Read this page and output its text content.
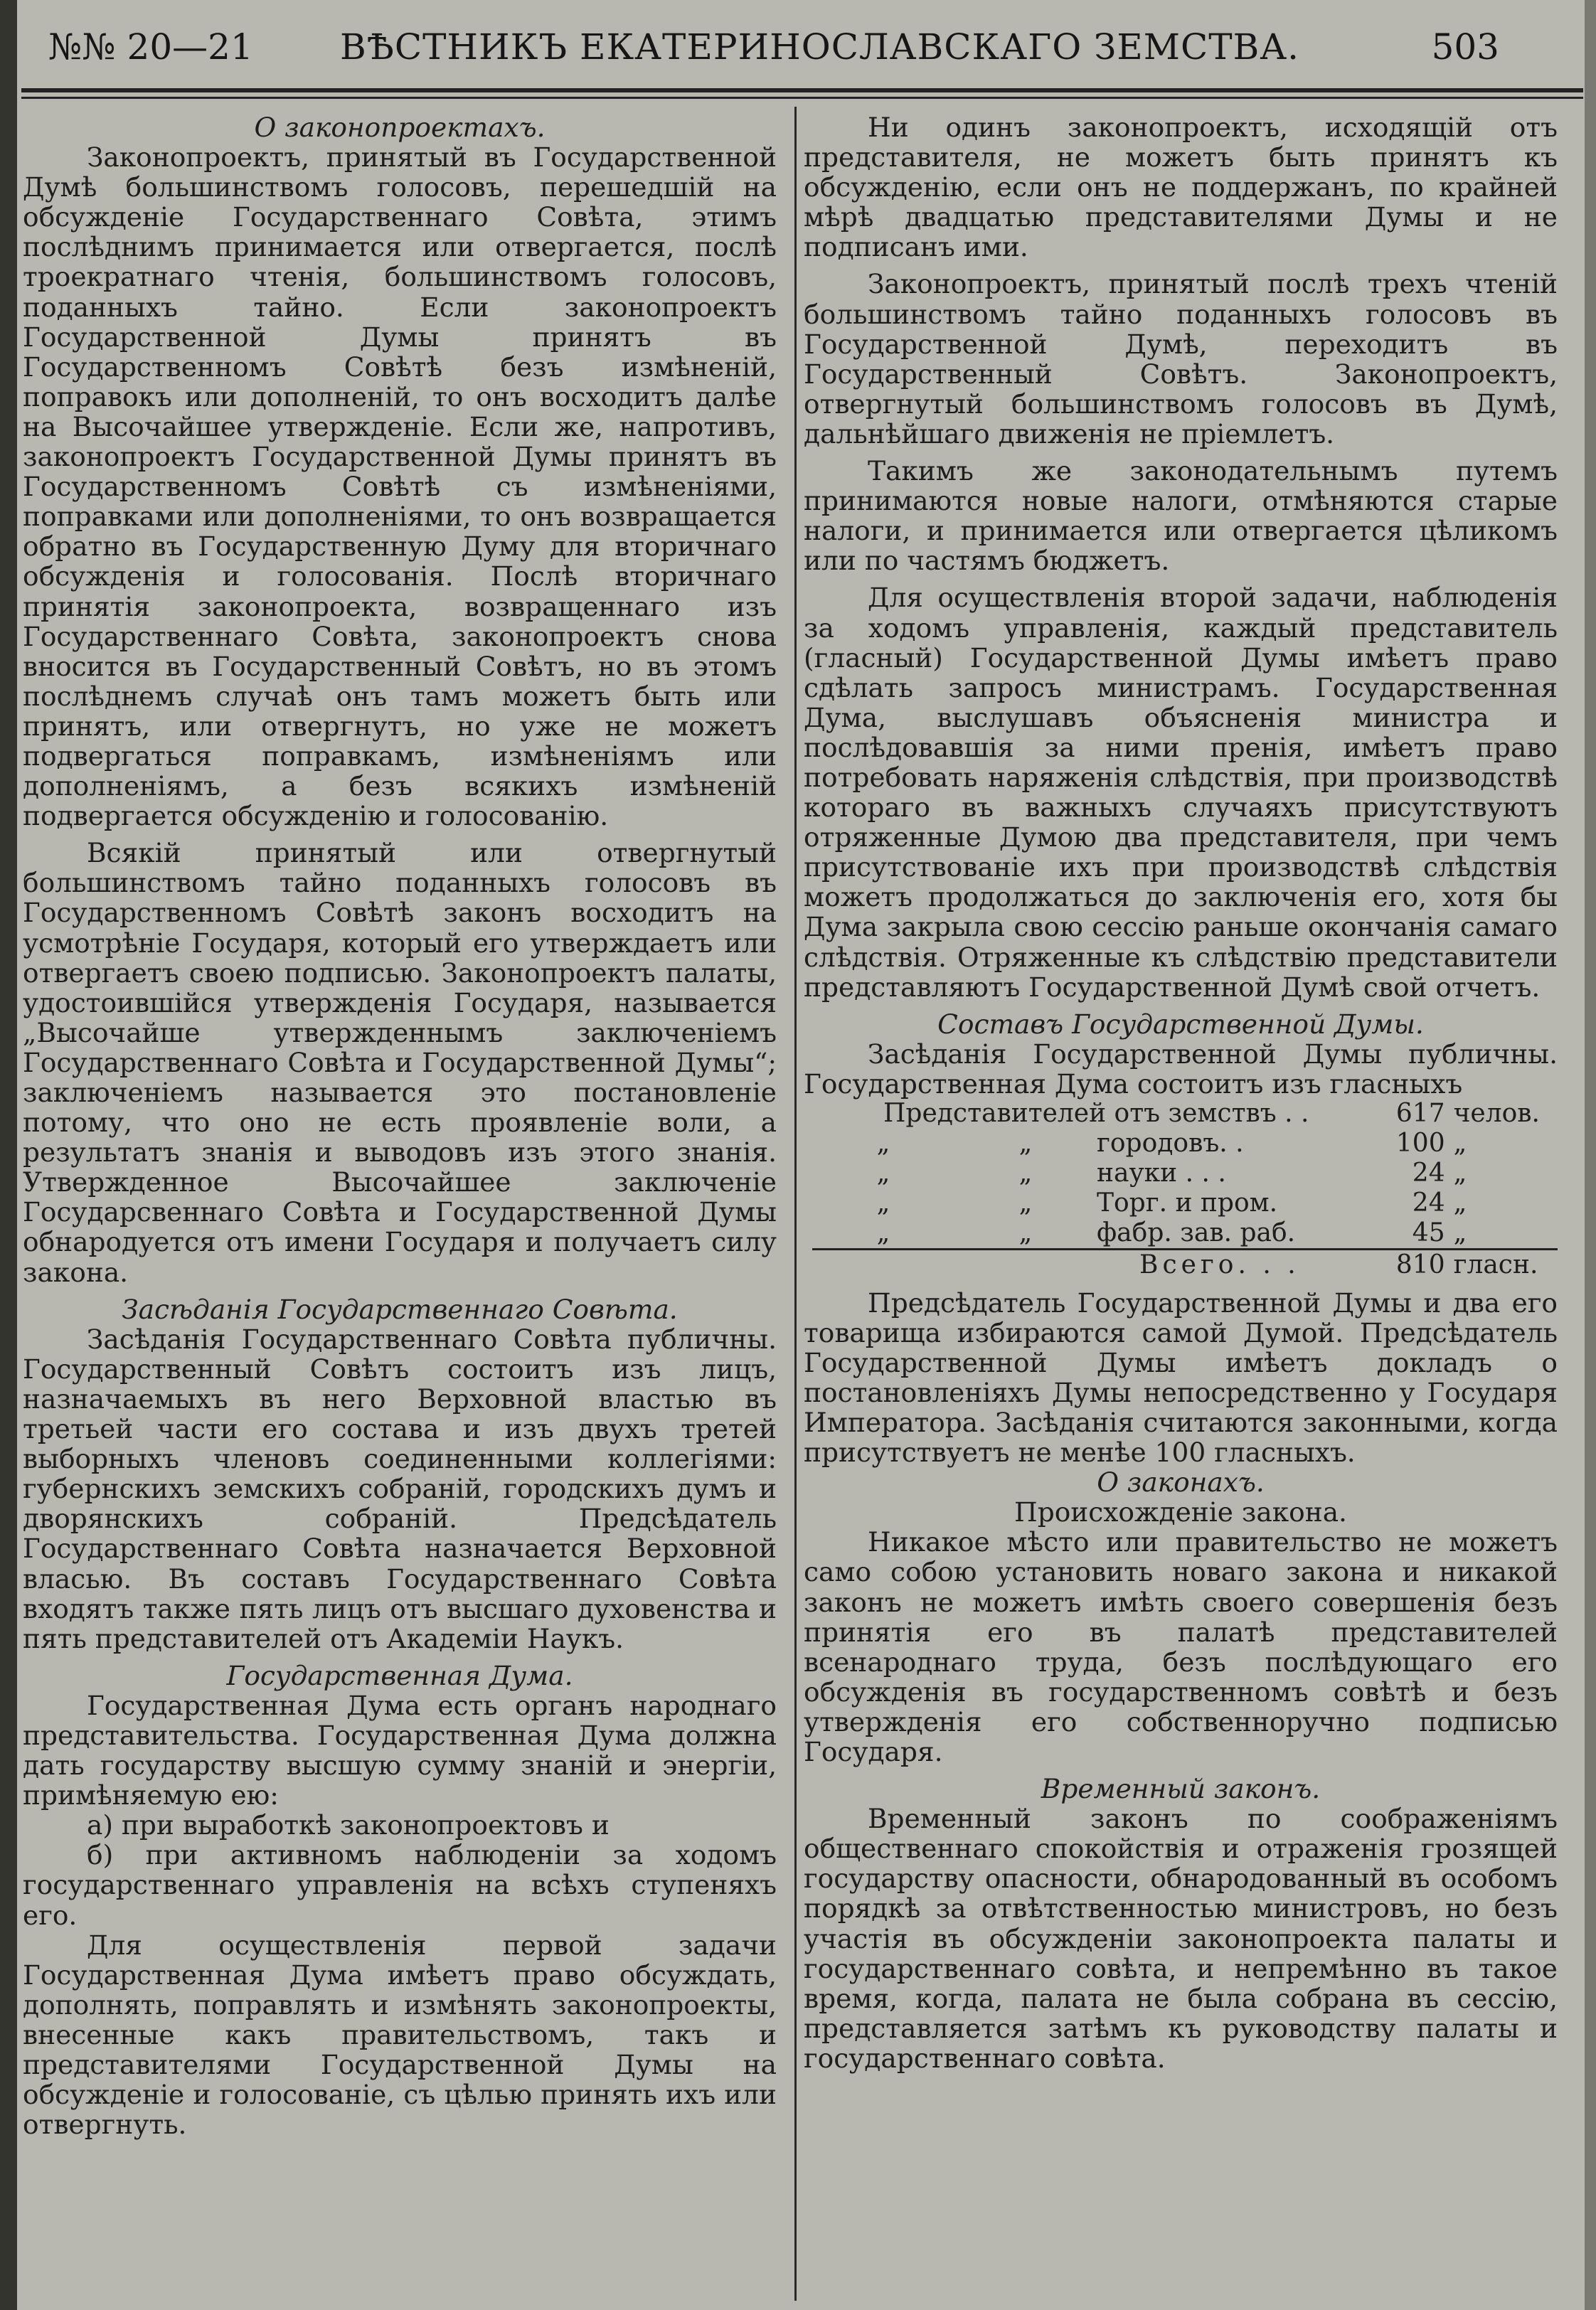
№№ 20—21 ВѢСТНИКЪ ЕКАТЕРИНОСЛАВСКАГО ЗЕМСТВА.	503

О законопроектахъ.

Законопроектъ, принятый въ Государственной Думѣ большинствомъ голосовъ, перешедшій на обсужденіе Государственнаго Совѣта, этимъ послѣднимъ принимается или отвергается, послѣ троекратнаго чтенія, большинствомъ голосовъ, поданныхъ тайно. Если законопроектъ Государственной Думы принятъ въ Государственномъ Совѣтѣ безъ измѣненій, поправокъ или дополненій, то онъ восходитъ далѣе на Высочайшее утвержденіе. Если же, напротивъ, законопроектъ Государственной Думы принятъ въ Государственномъ Совѣтѣ съ измѣненіями, поправками или дополненіями, то онъ возвращается обратно въ Государственную Думу для вторичнаго обсужденія и голосованія. Послѣ вторичнаго принятія законопроекта, возвращеннаго изъ Государственнаго Совѣта, законопроектъ снова вносится въ Государственный Совѣтъ, но въ этомъ послѣднемъ случаѣ онъ тамъ можетъ быть или принятъ, или отвергнутъ, но уже не можетъ подвергаться поправкамъ, измѣненіямъ или дополненіямъ, а безъ всякихъ измѣненій подвергается обсужденію и голосованію.

Всякій принятый или отвергнутый большинствомъ тайно поданныхъ голосовъ въ Государственномъ Совѣтѣ законъ восходитъ на усмотрѣніе Государя, который его утверждаетъ или отвергаетъ своею подписью. Законопроектъ палаты, удостоившійся утвержденія Государя, называется „Высочайше утвержденнымъ заключеніемъ Государственнаго Совѣта и Государственной Думы“; заключеніемъ называется это постановленіе потому, что оно не есть проявленіе воли, а результатъ знанія и выводовъ изъ этого знанія. Утвержденное Высочайшее заключеніе Государсвеннаго Совѣта и Государственной Думы обнародуется отъ имени Государя и получаетъ силу закона.

Засѣданія Государственнаго Совѣта.

Засѣданія Государственнаго Совѣта публичны. Государственный Совѣтъ состоитъ изъ лицъ, назначаемыхъ въ него Верховной властью въ третьей части его состава и изъ двухъ третей выборныхъ членовъ соединенными коллегіями: губернскихъ земскихъ собраній, городскихъ думъ и дворянскихъ собраній. Предсѣдатель Государственнаго Совѣта назначается Верховной власью. Въ составъ Государственнаго Совѣта входятъ также пять лицъ отъ высшаго духовенства и пять представителей отъ Академіи Наукъ.

Государственная Дума.

Государственная Дума есть органъ народнаго представительства. Государственная Дума должна дать государству высшую сумму знаній и энергіи, примѣняемую ею:

а) при выработкѣ законопроектовъ и

б) при активномъ наблюденіи за ходомъ государственнаго управленія на всѣхъ ступеняхъ его.

Для осуществленія первой задачи Государственная Дума имѣетъ право обсуждать, дополнять, поправлять и измѣнять законопроекты, внесенные какъ правительствомъ, такъ и представителями Государственной Думы на обсужденіе и голосованіе, съ цѣлью принять ихъ или отвергнуть.

Ни одинъ законопроектъ, исходящій отъ представителя, не можетъ быть принятъ къ обсужденію, если онъ не поддержанъ, по крайней мѣрѣ двадцатью представителями Думы и не подписанъ ими.

Законопроектъ, принятый послѣ трехъ чтеній большинствомъ тайно поданныхъ голосовъ въ Государственной Думѣ, переходитъ въ Государственный Совѣтъ. Законопроектъ, отвергнутый большинствомъ голосовъ въ Думѣ, дальнѣйшаго движенія не пріемлетъ.

Такимъ же законодательнымъ путемъ принимаются новые налоги, отмѣняются старые налоги, и принимается или отвергается цѣликомъ или по частямъ бюджетъ.

Для осуществленія второй задачи, наблюденія за ходомъ управленія, каждый представитель (гласный) Государственной Думы имѣетъ право сдѣлать запросъ министрамъ. Государственная Дума, выслушавъ объясненія министра и послѣдовавшія за ними пренія, имѣетъ право потребовать наряженія слѣдствія, при производствѣ котораго въ важныхъ случаяхъ присутствуютъ отряженные Думою два представителя, при чемъ присутствованіе ихъ при производствѣ слѣдствія можетъ продолжаться до заключенія его, хотя бы Дума закрыла свою сессію раньше окончанія самаго слѣдствія. Отряженные къ слѣдствію представители представляютъ Государственной Думѣ свой отчетъ.

Составъ Государственной Думы.

Засѣданія Государственной Думы публичны. Государственная Дума состоитъ изъ гласныхъ

Представителей отъ земствъ . .	617	челов.
„ „ городовъ. .	100	„
„ „ науки . . .	24	„
„ „ Торг. и пром.	24	„
„ „ фабр. зав. раб.	45	„
Всего. . .	810	гласн.

Предсѣдатель Государственной Думы и два его товарища избираются самой Думой. Предсѣдатель Государственной Думы имѣетъ докладъ о постановленіяхъ Думы непосредственно у Государя Императора. Засѣданія считаются законными, когда присутствуетъ не менѣе 100 гласныхъ.

О законахъ.

Происхожденіе закона.

Никакое мѣсто или правительство не можетъ само собою установить новаго закона и никакой законъ не можетъ имѣть своего совершенія безъ принятія его въ палатѣ представителей всенароднаго труда, безъ послѣдующаго его обсужденія въ государственномъ совѣтѣ и безъ утвержденія его собственноручно подписью Государя.

Временный законъ.

Временный законъ по соображеніямъ общественнаго спокойствія и отраженія грозящей государству опасности, обнародованный въ особомъ порядкѣ за отвѣтственностью министровъ, но безъ участія въ обсужденіи законопроекта палаты и государственнаго совѣта, и непремѣнно въ такое время, когда, палата не была собрана въ сессію, представляется затѣмъ къ руководству палаты и государственнаго совѣта.
